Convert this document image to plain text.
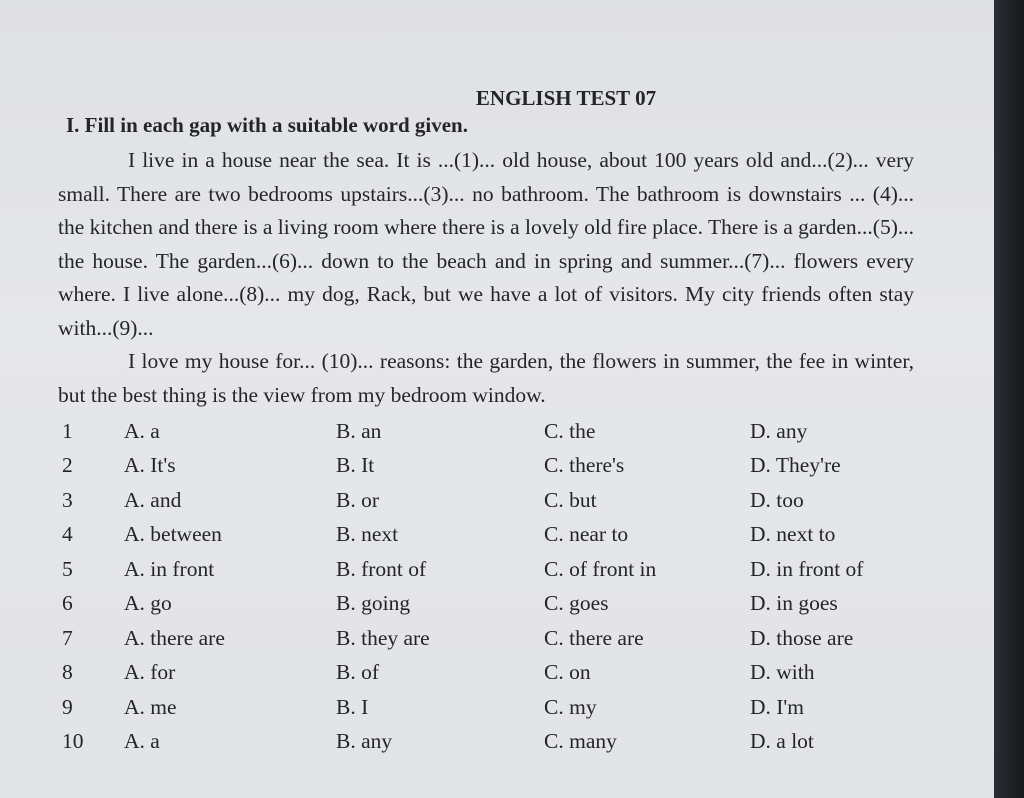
ENGLISH TEST 07
I. Fill in each gap with a suitable word given.

I live in a house near the sea. It is ...(1)... old house, about 100 years old and...(2)... very small. There are two bedrooms upstairs...(3)... no bathroom. The bathroom is downstairs ... (4)... the kitchen and there is a living room where there is a lovely old fire place. There is a garden...(5)... the house. The garden...(6)... down to the beach and in spring and summer...(7)... flowers every where. I live alone...(8)... my dog, Rack, but we have a lot of visitors. My city friends often stay with...(9)...

I love my house for... (10)... reasons: the garden, the flowers in summer, the fee in winter, but the best thing is the view from my bedroom window.

1	A. a	B. an	C. the	D. any
2	A. It's	B. It	C. there's	D. They're
3	A. and	B. or	C. but	D. too
4	A. between	B. next	C. near to	D. next to
5	A. in front	B. front of	C. of front in	D. in front of
6	A. go	B. going	C. goes	D. in goes
7	A. there are	B. they are	C. there are	D. those are
8	A. for	B. of	C. on	D. with
9	A. me	B. I	C. my	D. I'm
10	A. a	B. any	C. many	D. a lot
